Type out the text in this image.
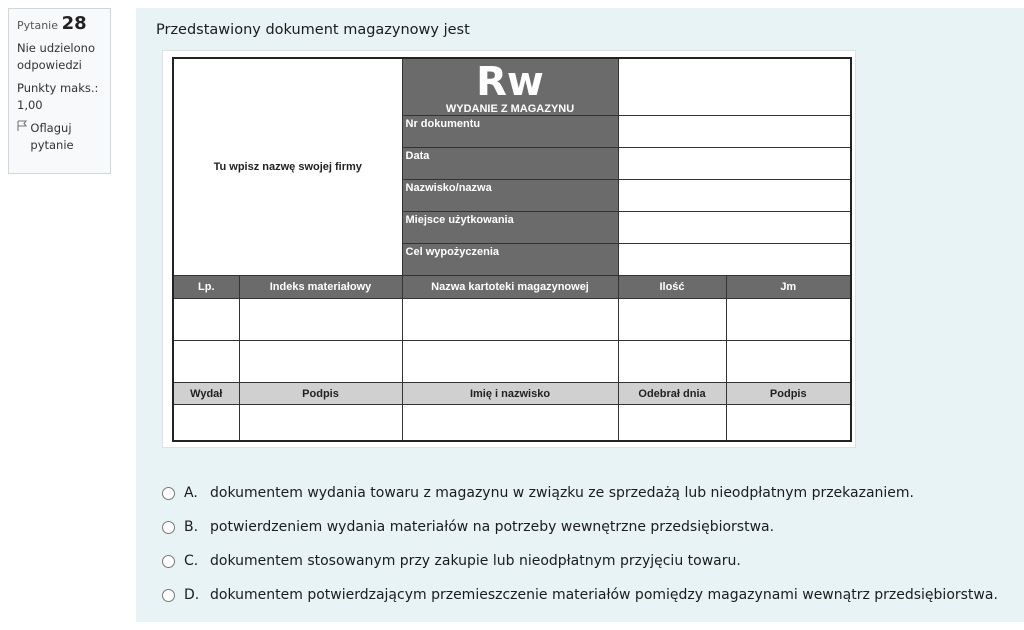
Pytanie 28
Nie udzielono odpowiedzi
Punkty maks.: 1,00
Oflaguj pytanie
Przedstawiony dokument magazynowy jest
Tu wpisz nazwę swojej firmy		Rw
WYDANIE Z MAGAZYNU		

		Nr dokumentu		
		Data		
		Nazwisko/nazwa		
		Miejsce użytkowania		
		Cel wypożyczenia		
Lp.	Indeks materiałowy	Nazwa kartoteki magazynowej	Ilość	Jm

Wydał	Podpis	Imię i nazwisko	Odebrał dnia	Podpis

A. dokumentem wydania towaru z magazynu w związku ze sprzedażą lub nieodpłatnym przekazaniem.
B. potwierdzeniem wydania materiałów na potrzeby wewnętrzne przedsiębiorstwa.
C. dokumentem stosowanym przy zakupie lub nieodpłatnym przyjęciu towaru.
D. dokumentem potwierdzającym przemieszczenie materiałów pomiędzy magazynami wewnątrz przedsiębiorstwa.
